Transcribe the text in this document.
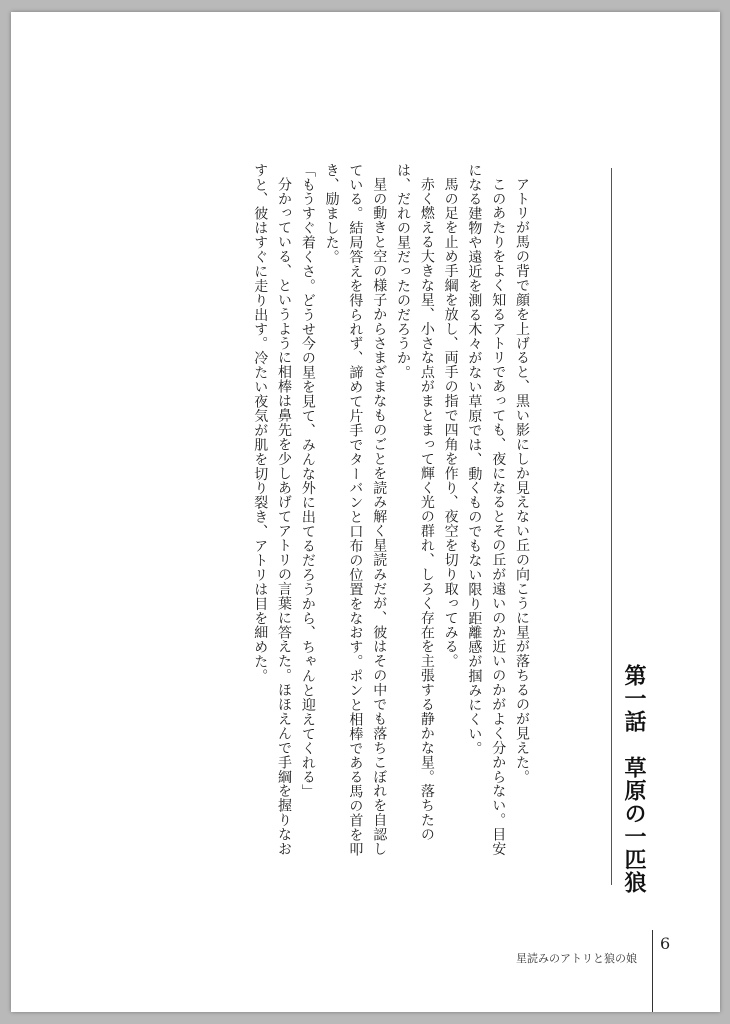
第一話　草原の一匹狼

アトリが馬の背で顔を上げると、黒い影にしか見えない丘の向こうに星が落ちるのが見えた。

このあたりをよく知るアトリであっても、夜になるとその丘が遠いのか近いのかがよく分からない。目安になる建物や遠近を測る木々がない草原では、動くものでもない限り距離感が掴みにくい。

馬の足を止め手綱を放し、両手の指で四角を作り、夜空を切り取ってみる。

赤く燃える大きな星、小さな点がまとまって輝く光の群れ、しろく存在を主張する静かな星。落ちたのは、だれの星だったのだろうか。

星の動きと空の様子からさまざまなものごとを読み解く星読みだが、彼はその中でも落ちこぼれを自認している。結局答えを得られず、諦めて片手でターバンと口布の位置をなおす。ポンと相棒である馬の首を叩き、励ました。

「もうすぐ着くさ。どうせ今の星を見て、みんな外に出てるだろうから、ちゃんと迎えてくれる」

分かっている、というように相棒は鼻先を少しあげてアトリの言葉に答えた。ほほえんで手綱を握りなおすと、彼はすぐに走り出す。冷たい夜気が肌を切り裂き、アトリは目を細めた。

星読みのアトリと狼の娘
6
